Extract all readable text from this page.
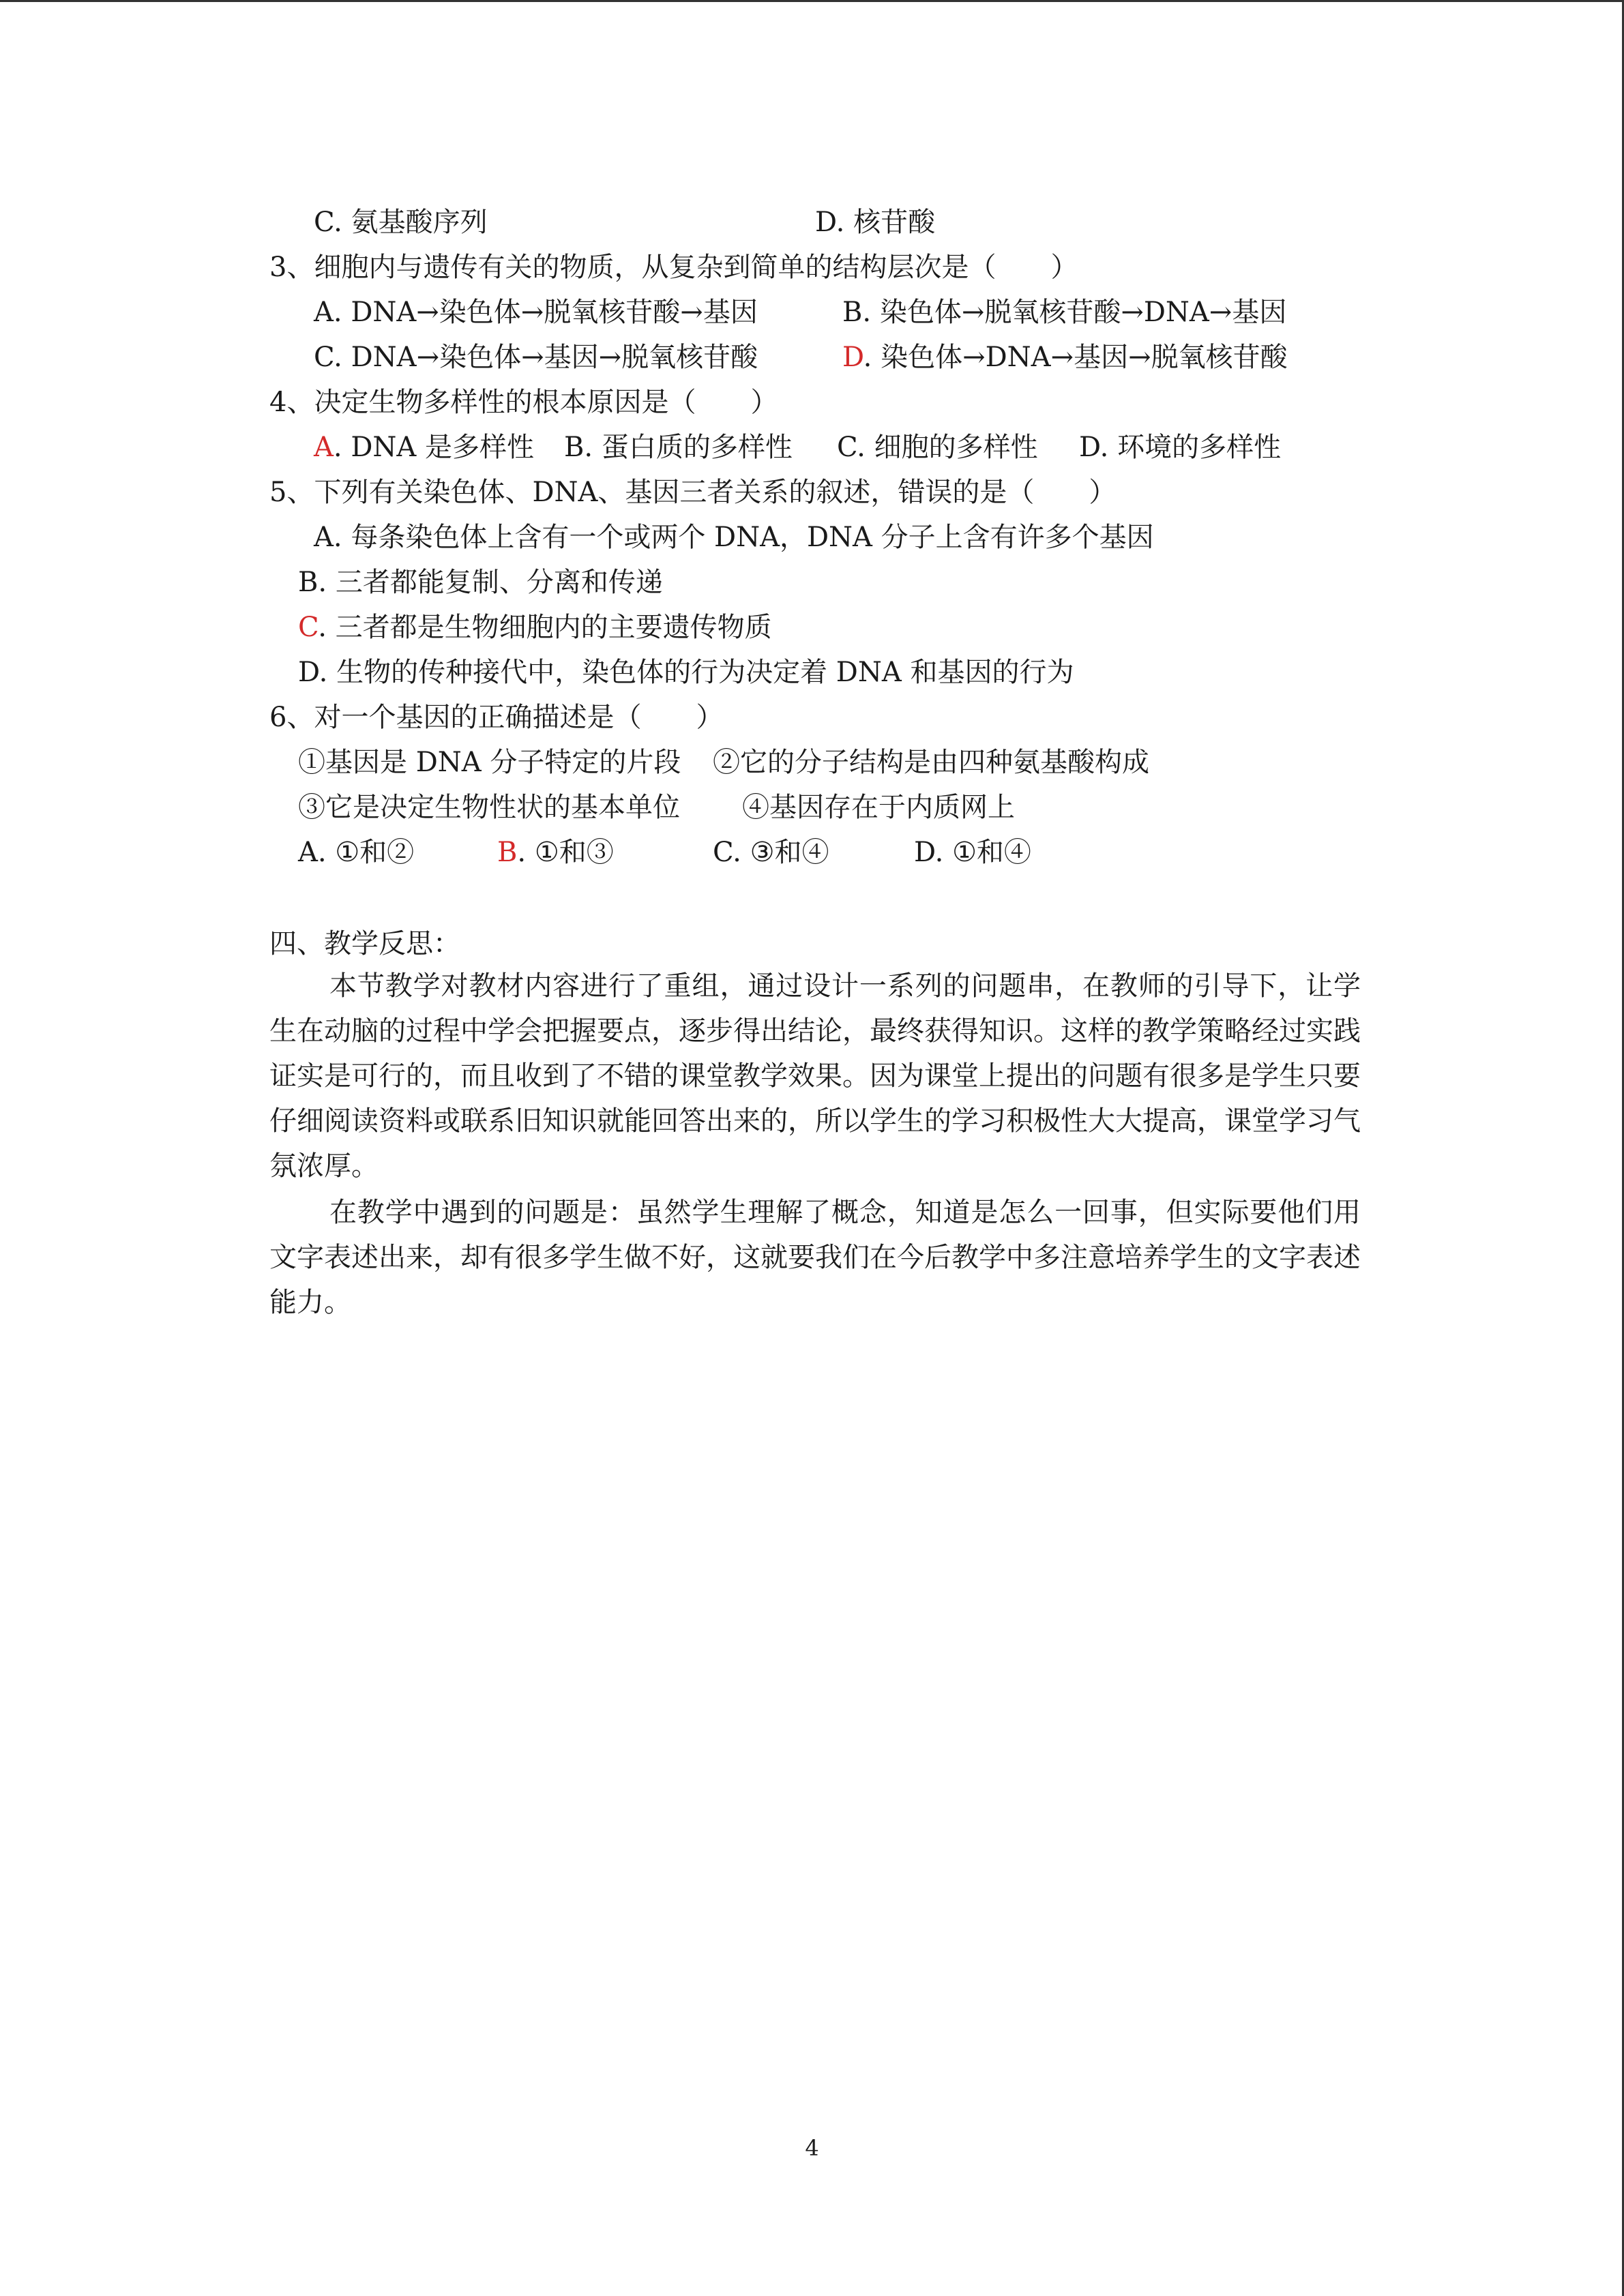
C. 氨基酸序列	D. 核苷酸
3、细胞内与遗传有关的物质，从复杂到简单的结构层次是（　　）
A. DNA→染色体→脱氧核苷酸→基因	B. 染色体→脱氧核苷酸→DNA→基因
C. DNA→染色体→基因→脱氧核苷酸	D. 染色体→DNA→基因→脱氧核苷酸
4、决定生物多样性的根本原因是（　　）
A. DNA 是多样性 B. 蛋白质的多样性 C. 细胞的多样性 D. 环境的多样性
5、下列有关染色体、DNA、基因三者关系的叙述，错误的是（　　）
A. 每条染色体上含有一个或两个 DNA，DNA 分子上含有许多个基因
B. 三者都能复制、分离和传递
C. 三者都是生物细胞内的主要遗传物质
D. 生物的传种接代中，染色体的行为决定着 DNA 和基因的行为
6、对一个基因的正确描述是（　　）
①基因是 DNA 分子特定的片段 ②它的分子结构是由四种氨基酸构成
③它是决定生物性状的基本单位 ④基因存在于内质网上
A. ①和②	B. ①和③	C. ③和④	D. ①和④
四、教学反思：
本节教学对教材内容进行了重组，通过设计一系列的问题串，在教师的引导下，让学生在动脑的过程中学会把握要点，逐步得出结论，最终获得知识。这样的教学策略经过实践证实是可行的，而且收到了不错的课堂教学效果。因为课堂上提出的问题有很多是学生只要仔细阅读资料或联系旧知识就能回答出来的，所以学生的学习积极性大大提高，课堂学习气氛浓厚。
在教学中遇到的问题是：虽然学生理解了概念，知道是怎么一回事，但实际要他们用文字表述出来，却有很多学生做不好，这就要我们在今后教学中多注意培养学生的文字表述能力。
4
